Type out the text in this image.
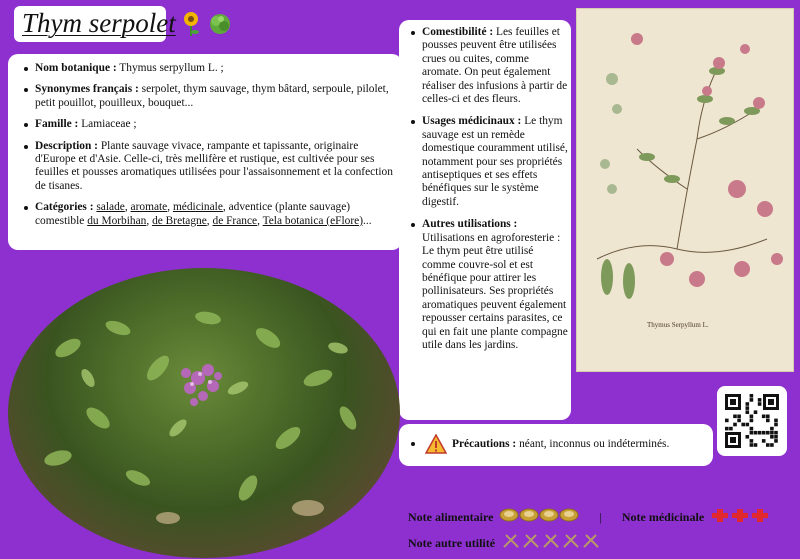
Thym serpolet
Nom botanique : Thymus serpyllum L. ;
Synonymes français : serpolet, thym sauvage, thym bâtard, serpoule, pilolet, petit pouillot, pouilleux, bouquet...
Famille : Lamiaceae ;
Description : Plante sauvage vivace, rampante et tapissante, originaire d'Europe et d'Asie. Celle-ci, très mellifère et rustique, est cultivée pour ses feuilles et pousses aromatiques utilisées pour l'assaisonnement et la confection de tisanes.
Catégories : salade, aromate, médicinale, adventice (plante sauvage) comestible du Morbihan, de Bretagne, de France, Tela botanica (eFlore)...
Comestibilité : Les feuilles et pousses peuvent être utilisées crues ou cuites, comme aromate. On peut également réaliser des infusions à partir de celles-ci et des fleurs.
Usages médicinaux : Le thym sauvage est un remède domestique couramment utilisé, notamment pour ses propriétés antiseptiques et ses effets bénéfiques sur le système digestif.
Autres utilisations :
Utilisations en agroforesterie : Le thym peut être utilisé comme couvre-sol et est bénéfique pour attirer les pollinisateurs. Ses propriétés aromatiques peuvent également repousser certains parasites, ce qui en fait une plante compagne utile dans les jardins.
Précautions : néant, inconnus ou indéterminés.
Thymus Serpyllum L.
Note alimentaire	| Note médicinale
Note autre utilité
